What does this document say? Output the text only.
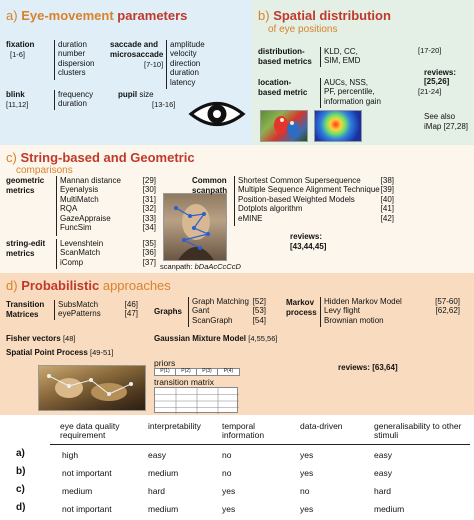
a) Eye-movement parameters
fixation
[1-6]
duration
number
dispersion
clusters
saccade and
microsaccade
[7-10]
amplitude
velocity
direction
duration
latency
blink
[11,12]
frequency
duration
pupil size
[13-16]
b) Spatial distribution
of eye positions
distribution-
based metrics
KLD, CC,
SIM, EMD
[17-20]
reviews:
[25,26]
location-
based metric
AUCs, NSS,
PF, percentile,
information gain
[21-24]
See also
iMap [27,28]
c) String-based and Geometric
comparisons
geometric
metrics
Mannan distance	[29]
Eyenalysis	[30]
MultiMatch	[31]
RQA	[32]
GazeAppraise	[33]
FuncSim	[34]
string-edit
metrics
Levenshtein	[35]
ScanMatch	[36]
iComp	[37] scanpath: bDaAcCcCcD
Common
scanpath
Shortest Common Supersequence [38]
Multiple Sequence Alignment Technique [39]
Position-based Weighted Models	[40]
Dotplots algorithm	[41]
eMINE	[42]
reviews:
[43,44,45]
d) Probabilistic approaches
Transition
Matrices
SubsMatch	[46]
eyePatterns	[47] Graphs
Graph Matching [52]
Gant	[53]
ScanGraph	[54]
Markov
process
Hidden Markov Model	[57-60]
Levy flight	[62,62]
Brownian motion
Fisher vectors [48]	Gaussian Mixture Model [4,55,56]
Spatial Point Process [49-51]
priors
P(1)	P(2)	P(3)	P(4)
transition matrix
reviews: [63,64]
eye data quality requirement
interpretability	temporal information
data-driven	generalisability to other stimuli
a)	high	easy	no	yes	easy
b)	not important	medium	no	yes	easy
c)	medium	hard	yes	no	hard
d)	not important	medium	yes	yes	medium
